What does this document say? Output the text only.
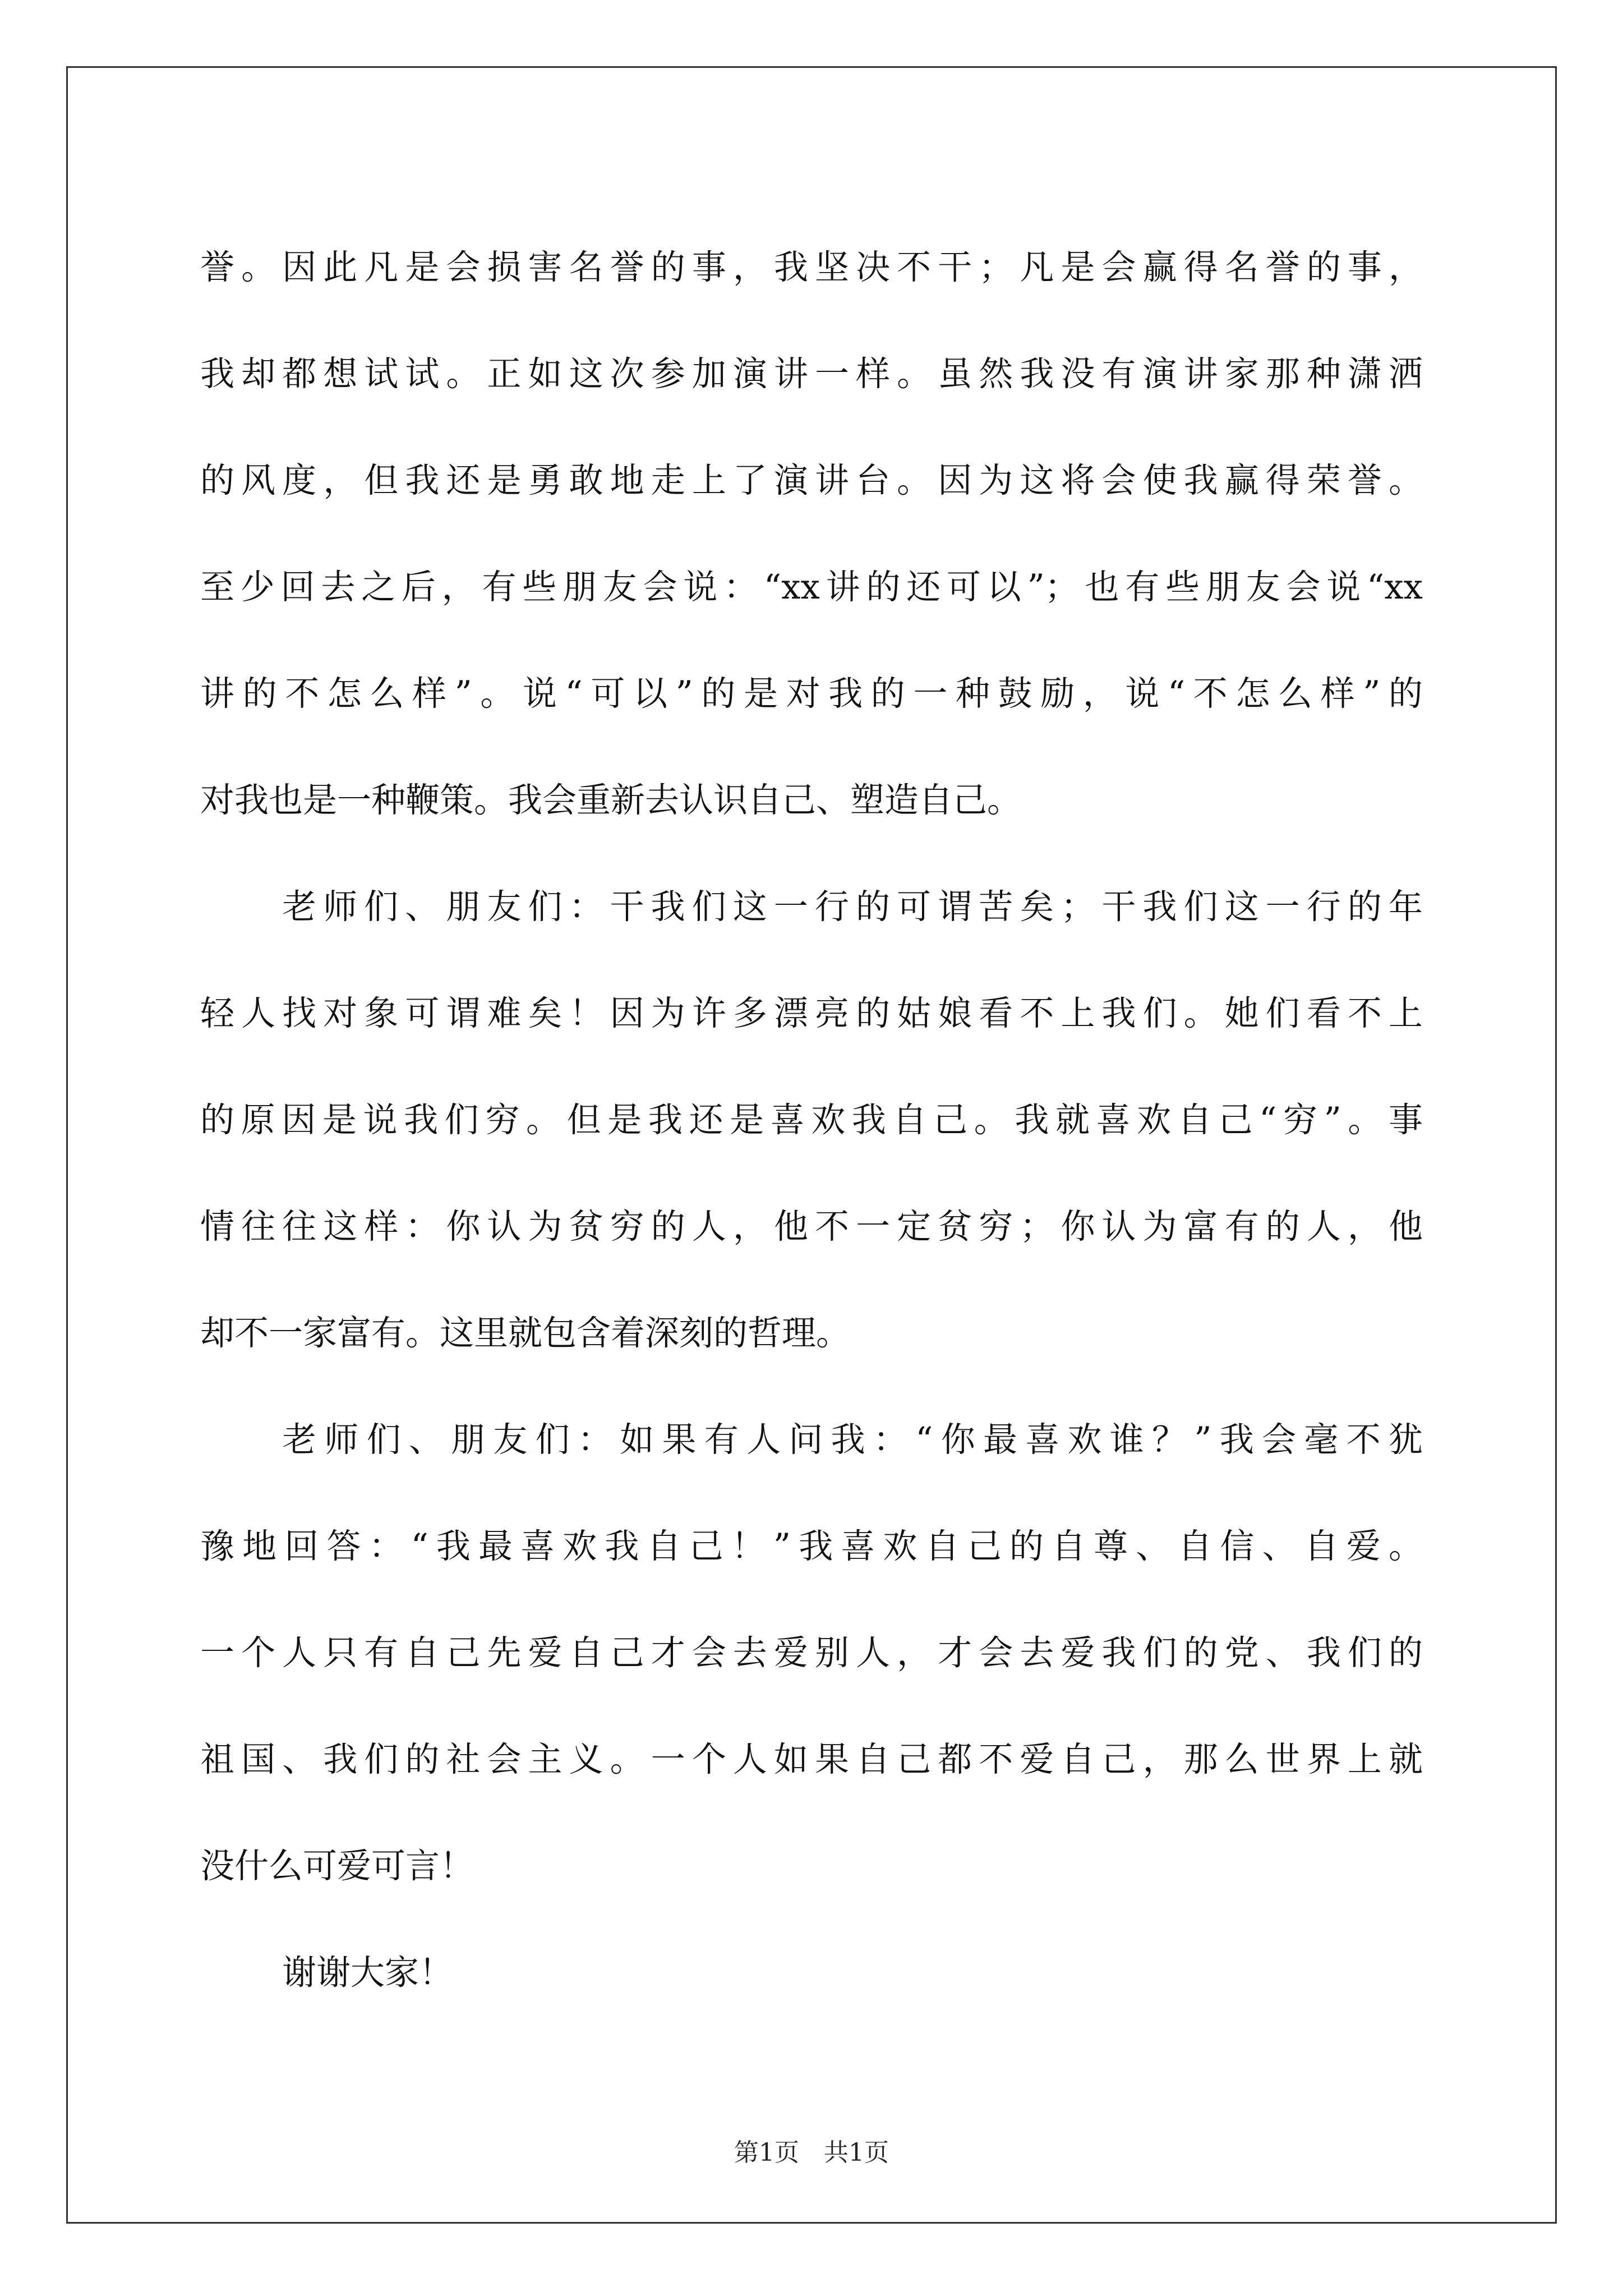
誉。因此凡是会损害名誉的事，我坚决不干；凡是会赢得名誉的事，
我却都想试试。正如这次参加演讲一样。虽然我没有演讲家那种潇洒
的风度，但我还是勇敢地走上了演讲台。因为这将会使我赢得荣誉。
至少回去之后，有些朋友会说：“xx讲的还可以”；也有些朋友会说“xx
讲的不怎么样”。说“可以”的是对我的一种鼓励，说“不怎么样”的
对我也是一种鞭策。我会重新去认识自己、塑造自己。
老师们、朋友们：干我们这一行的可谓苦矣；干我们这一行的年
轻人找对象可谓难矣！因为许多漂亮的姑娘看不上我们。她们看不上
的原因是说我们穷。但是我还是喜欢我自己。我就喜欢自己“穷”。事
情往往这样：你认为贫穷的人，他不一定贫穷；你认为富有的人，他
却不一家富有。这里就包含着深刻的哲理。
老师们、朋友们：如果有人问我：“你最喜欢谁？”我会毫不犹
豫地回答：“我最喜欢我自己！”我喜欢自己的自尊、自信、自爱。
一个人只有自己先爱自己才会去爱别人，才会去爱我们的党、我们的
祖国、我们的社会主义。一个人如果自己都不爱自己，那么世界上就
没什么可爱可言！
谢谢大家！
第1页　共1页
